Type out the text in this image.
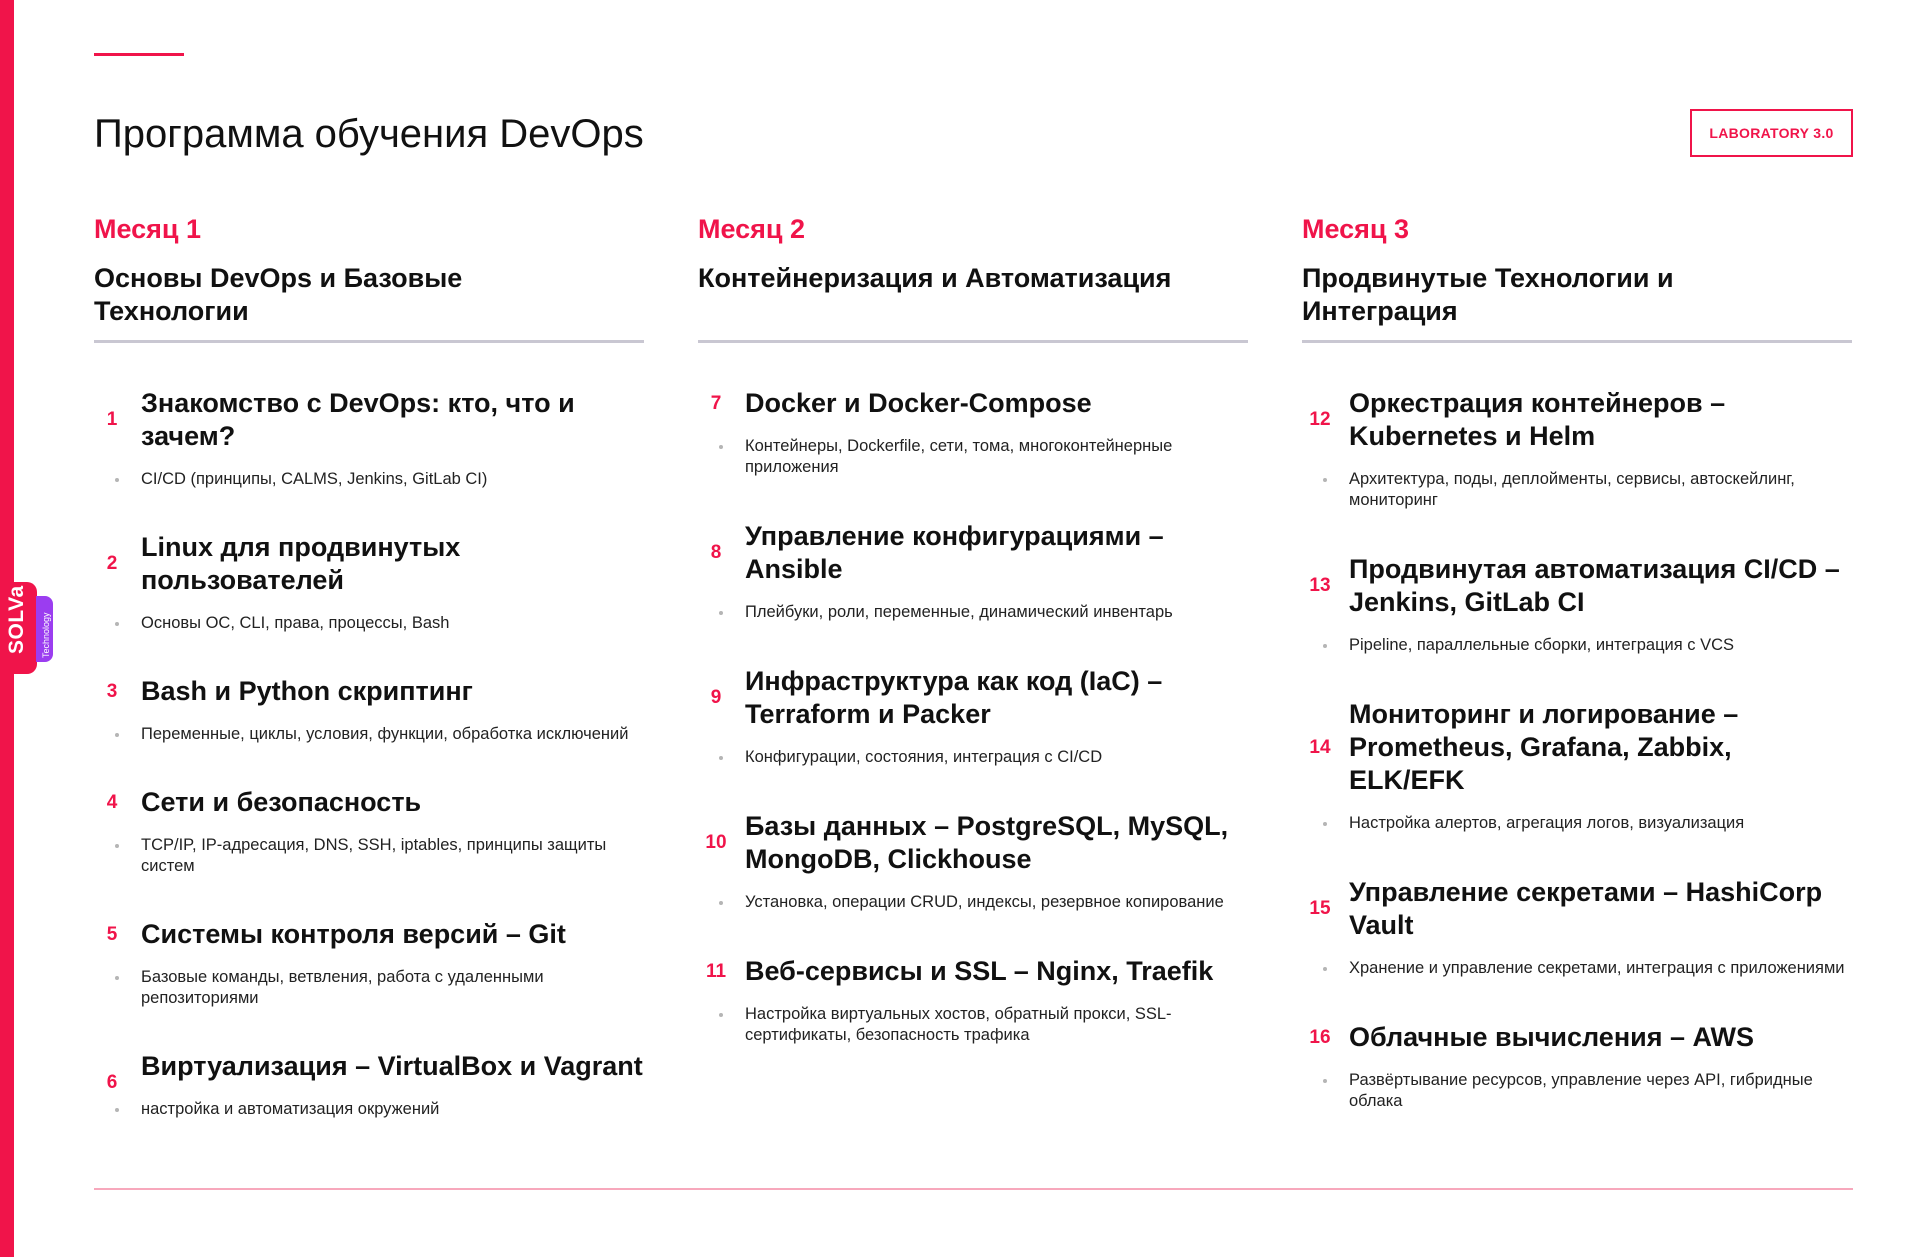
SOLVa Technology
Программа обучения DevOps	LABORATORY 3.0
Месяц 1
Основы DevOps и Базовые Технологии
1
Знакомство с DevOps: кто, что и зачем?
CI/CD (принципы, CALMS, Jenkins, GitLab CI)
2
Linux для продвинутых пользователей
Основы ОС, CLI, права, процессы, Bash
3 Bash и Python скриптинг
Переменные, циклы, условия, функции, обработка исключений
4 Сети и безопасность
TCP/IP, IP-адресация, DNS, SSH, iptables, принципы защиты систем
5 Системы контроля версий – Git
Базовые команды, ветвления, работа с удаленными репозиториями
6
Виртуализация – VirtualBox и Vagrant
настройка и автоматизация окружений
Месяц 2
Контейнеризация и Автоматизация
7 Docker и Docker-Compose
Контейнеры, Dockerfile, сети, тома, многоконтейнерные приложения
8
Управление конфигурациями – Ansible
Плейбуки, роли, переменные, динамический инвентарь
9
Инфраструктура как код (IaC) – Terraform и Packer
Конфигурации, состояния, интеграция с CI/CD
10
Базы данных – PostgreSQL, MySQL, MongoDB, Clickhouse
Установка, операции CRUD, индексы, резервное копирование
11 Веб-сервисы и SSL – Nginx, Traefik
Настройка виртуальных хостов, обратный прокси, SSL-сертификаты, безопасность трафика
Месяц 3
Продвинутые Технологии и Интеграция
12
Оркестрация контейнеров – Kubernetes и Helm
Архитектура, поды, деплойменты, сервисы, автоскейлинг, мониторинг
13
Продвинутая автоматизация CI/CD – Jenkins, GitLab CI
Pipeline, параллельные сборки, интеграция с VCS
14
Мониторинг и логирование – Prometheus, Grafana, Zabbix, ELK/EFK
Настройка алертов, агрегация логов, визуализация
15
Управление секретами – HashiCorp Vault
Хранение и управление секретами, интеграция с приложениями
16 Облачные вычисления – AWS
Развёртывание ресурсов, управление через API, гибридные облака
